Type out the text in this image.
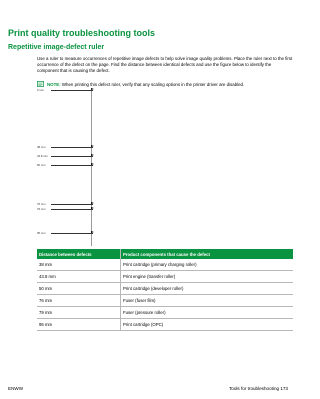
Print quality troubleshooting tools
Repetitive image-defect ruler
Use a ruler to measure occurrences of repetitive image defects to help solve image quality problems. Place the ruler next to the first occurrence of the defect on the page. Find the distance between identical defects and use the figure below to identify the component that is causing the defect.
NOTE: When printing this defect ruler, verify that any scaling options in the printer driver are disabled.
0 mm
38 mm
43.8 mm
50 mm
76 mm
79 mm
95 mm
Distance between defects	Product components that cause the defect
38 mm	Print cartridge (primary charging roller)
43.8 mm	Print engine (transfer roller)
50 mm	Print cartridge (developer roller)
76 mm	Fuser (fuser film)
79 mm	Fuser (pressure roller)
95 mm	Print cartridge (OPC)
ENWW	Tools for troubleshooting 173
